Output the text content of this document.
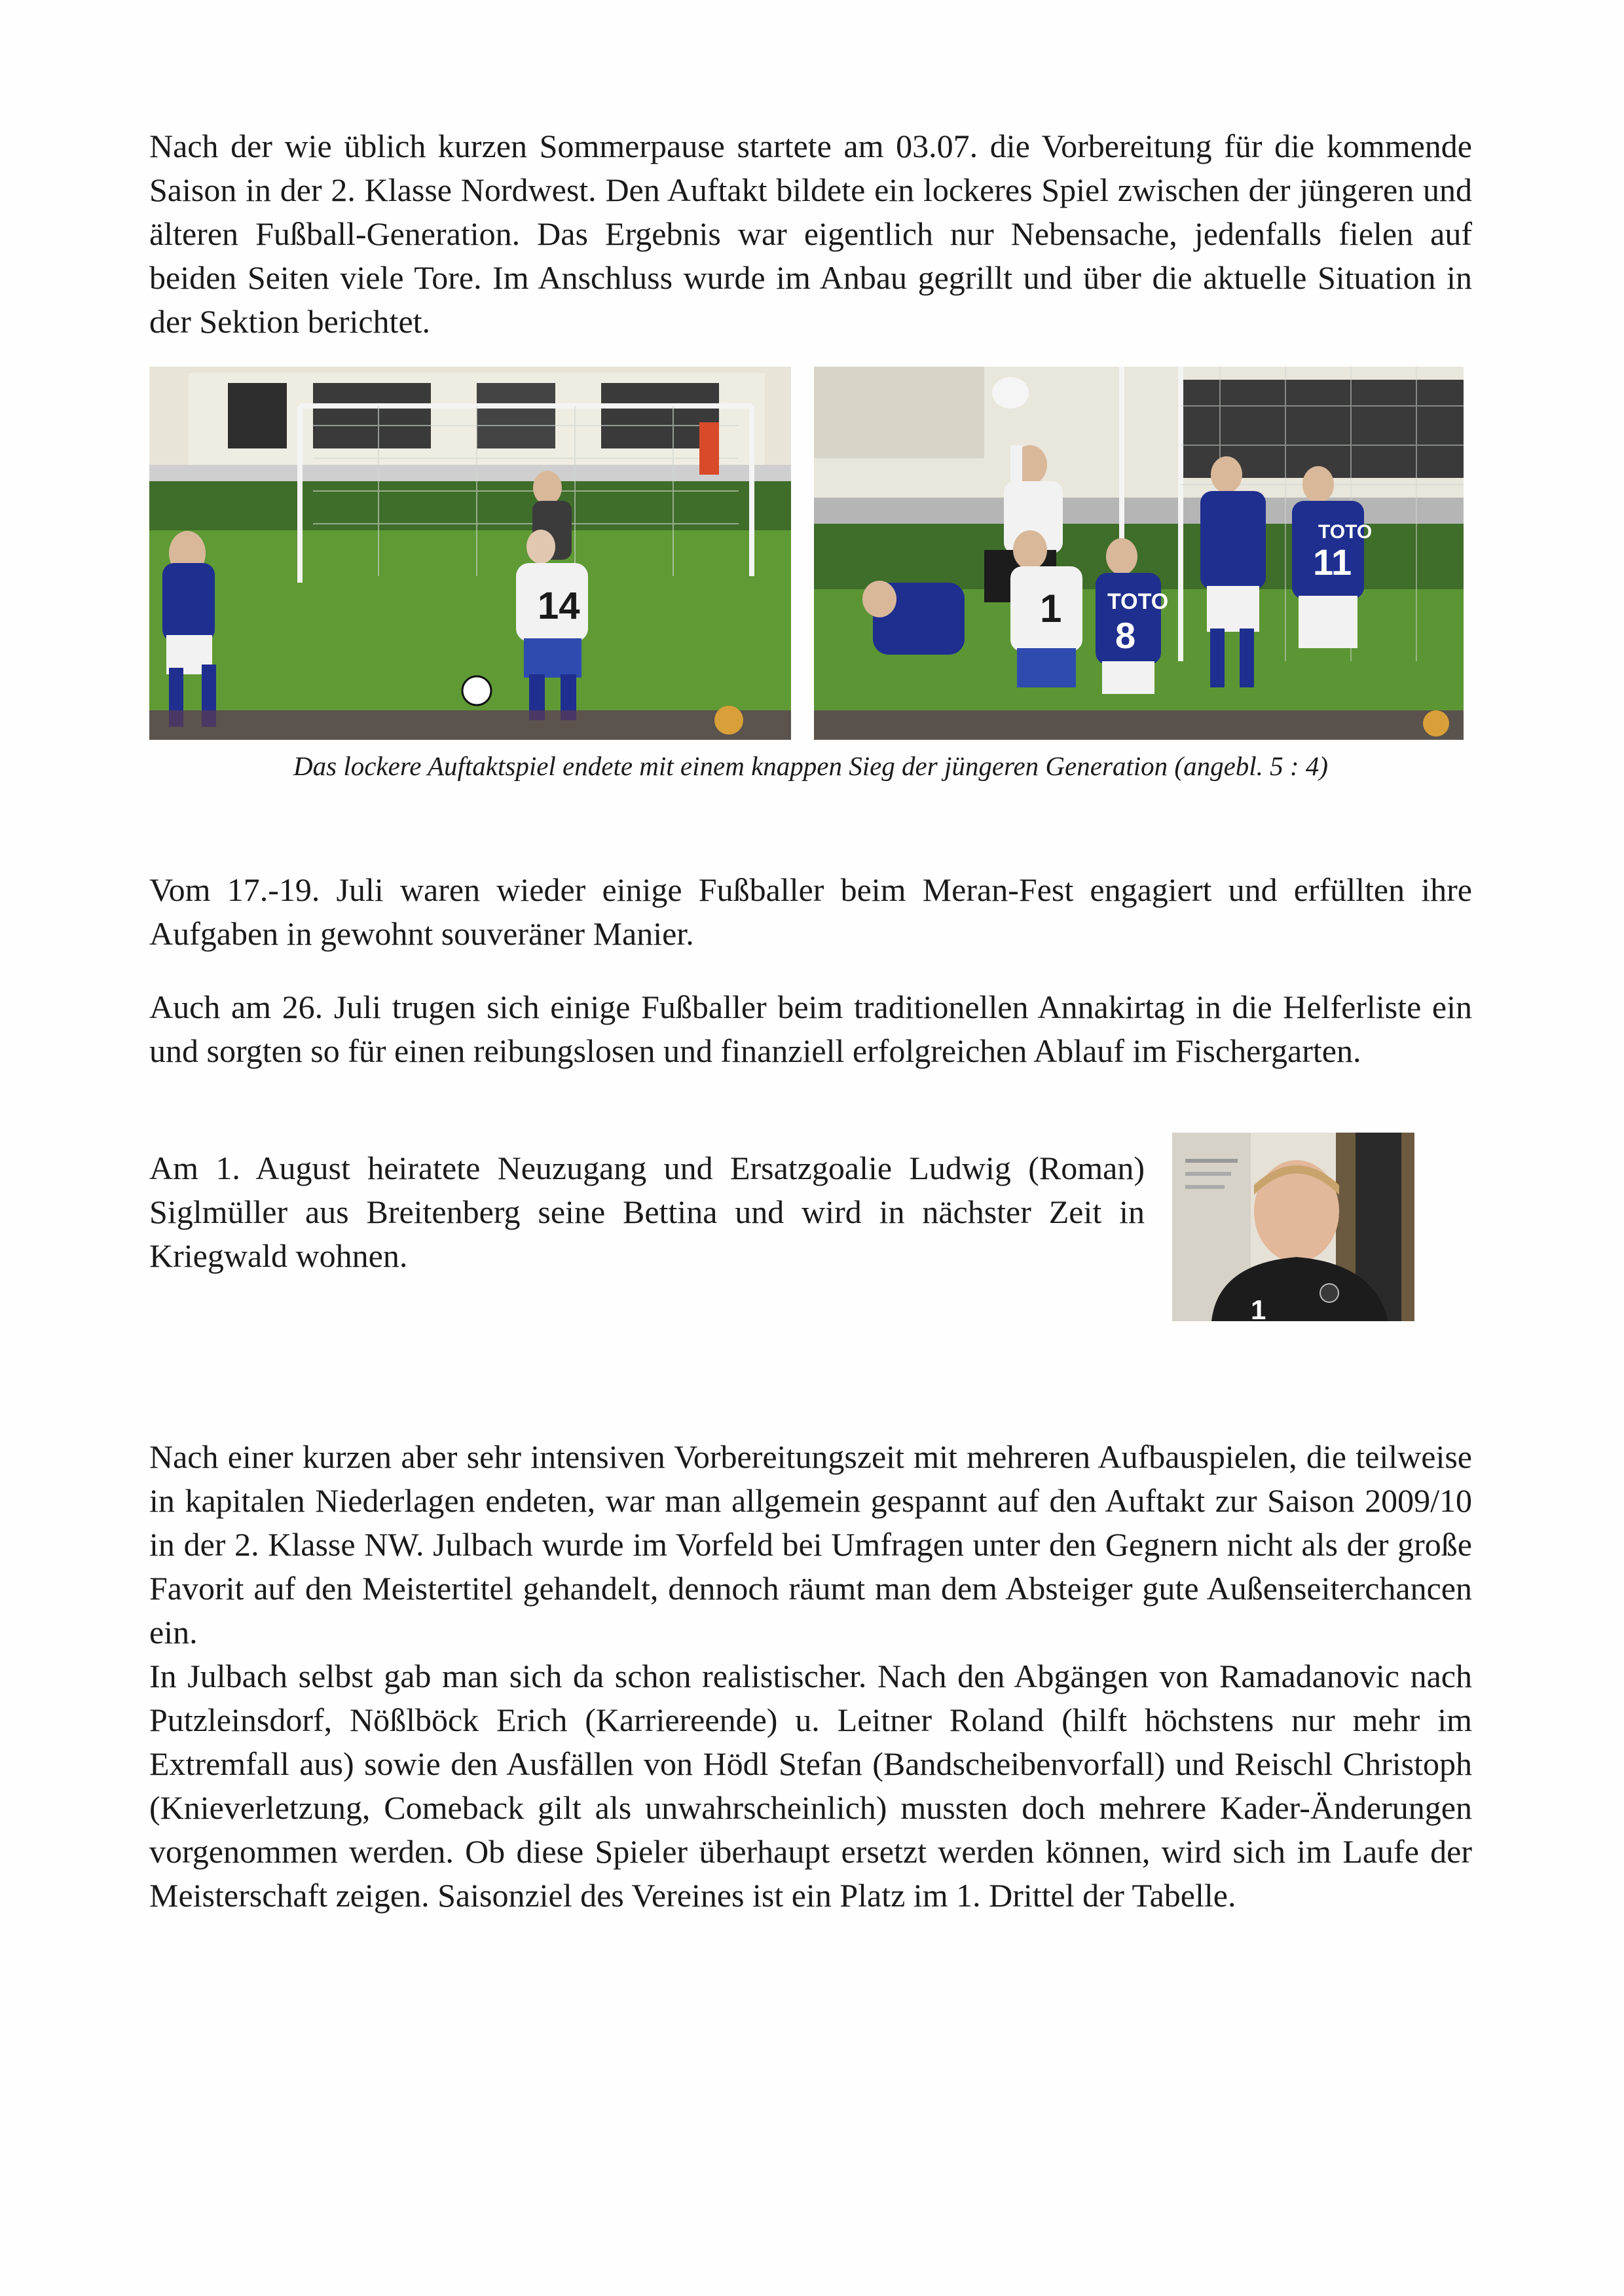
Nach der wie üblich kurzen Sommerpause startete am 03.07. die Vorbereitung für die kommende Saison in der 2. Klasse Nordwest. Den Auftakt bildete ein lockeres Spiel zwischen der jüngeren und älteren Fußball-Generation. Das Ergebnis war eigentlich nur Nebensache, jedenfalls fielen auf beiden Seiten viele Tore. Im Anschluss wurde im Anbau gegrillt und über die aktuelle Situation in der Sektion berichtet.

14	1 TOTO
8
TOTO
11

Das lockere Auftaktspiel endete mit einem knappen Sieg der jüngeren Generation (angebl. 5 : 4)

Vom 17.-19. Juli waren wieder einige Fußballer beim Meran-Fest engagiert und erfüllten ihre Aufgaben in gewohnt souveräner Manier.

Auch am 26. Juli trugen sich einige Fußballer beim traditionellen Annakirtag in die Helferliste ein und sorgten so für einen reibungslosen und finanziell erfolgreichen Ablauf im Fischergarten.

Am 1. August heiratete Neuzugang und Ersatzgoalie Ludwig (Roman) Siglmüller aus Breitenberg seine Bettina und wird in nächster Zeit in Kriegwald wohnen.

1

Nach einer kurzen aber sehr intensiven Vorbereitungszeit mit mehreren Aufbauspielen, die teilweise in kapitalen Niederlagen endeten, war man allgemein gespannt auf den Auftakt zur Saison 2009/10 in der 2. Klasse NW. Julbach wurde im Vorfeld bei Umfragen unter den Gegnern nicht als der große Favorit auf den Meistertitel gehandelt, dennoch räumt man dem Absteiger gute Außenseiterchancen ein.

In Julbach selbst gab man sich da schon realistischer. Nach den Abgängen von Ramadanovic nach Putzleinsdorf, Nößlböck Erich (Karriereende) u. Leitner Roland (hilft höchstens nur mehr im Extremfall aus) sowie den Ausfällen von Hödl Stefan (Bandscheibenvorfall) und Reischl Christoph (Knieverletzung, Comeback gilt als unwahrscheinlich) mussten doch mehrere Kader-Änderungen vorgenommen werden. Ob diese Spieler überhaupt ersetzt werden können, wird sich im Laufe der Meisterschaft zeigen. Saisonziel des Vereines ist ein Platz im 1. Drittel der Tabelle.
